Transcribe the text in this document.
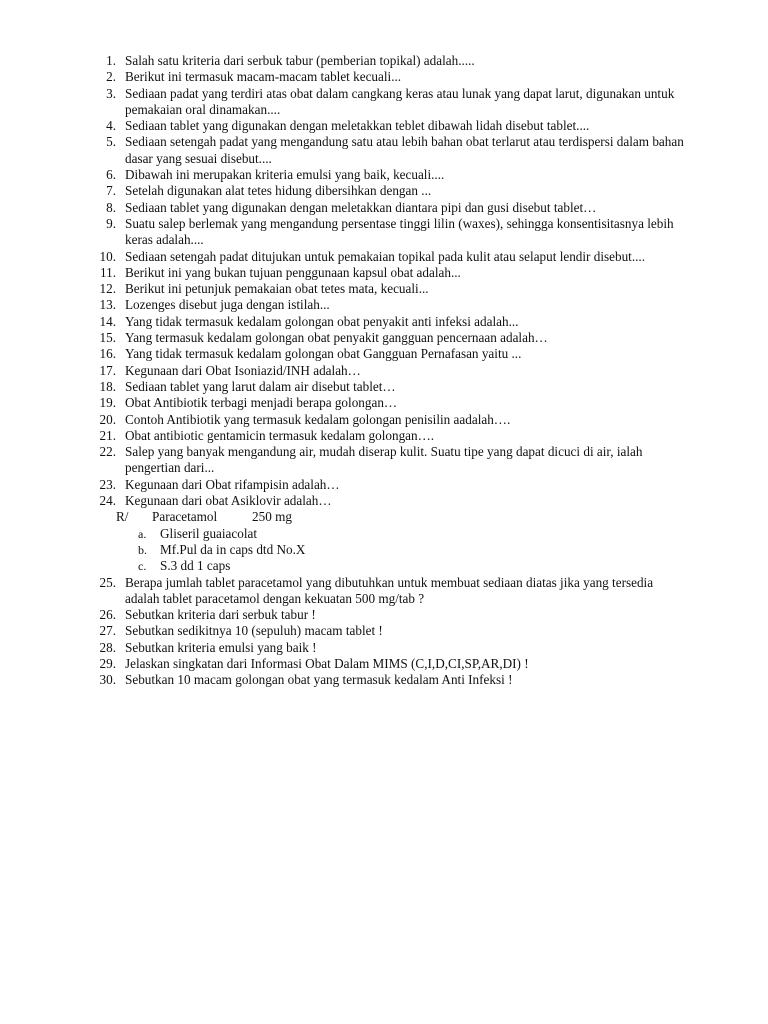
1. Salah satu kriteria dari serbuk tabur (pemberian topikal) adalah.....
2. Berikut ini termasuk macam-macam tablet kecuali...
3. Sediaan padat yang terdiri atas obat dalam cangkang keras atau lunak yang dapat larut, digunakan untuk pemakaian oral dinamakan....
4. Sediaan tablet yang digunakan dengan meletakkan teblet dibawah lidah disebut tablet....
5. Sediaan setengah padat yang mengandung satu atau lebih bahan obat terlarut atau terdispersi dalam bahan dasar yang sesuai disebut....
6. Dibawah ini merupakan kriteria emulsi yang baik, kecuali....
7. Setelah digunakan alat tetes hidung dibersihkan dengan ...
8. Sediaan tablet yang digunakan dengan meletakkan diantara pipi dan gusi disebut tablet…
9. Suatu salep berlemak yang mengandung persentase tinggi lilin (waxes), sehingga konsentisitasnya lebih keras adalah....
10. Sediaan setengah padat ditujukan untuk pemakaian topikal pada kulit atau selaput lendir disebut....
11. Berikut ini yang bukan tujuan penggunaan kapsul obat adalah...
12. Berikut ini petunjuk pemakaian obat tetes mata, kecuali...
13. Lozenges disebut juga dengan istilah...
14. Yang tidak termasuk kedalam golongan obat penyakit anti infeksi adalah...
15. Yang termasuk kedalam golongan obat penyakit gangguan pencernaan adalah…
16. Yang tidak termasuk kedalam golongan obat Gangguan Pernafasan yaitu ...
17. Kegunaan dari Obat Isoniazid/INH adalah…
18. Sediaan tablet yang larut dalam air disebut tablet…
19. Obat Antibiotik terbagi menjadi berapa golongan…
20. Contoh Antibiotik yang termasuk kedalam golongan penisilin aadalah….
21. Obat antibiotic gentamicin termasuk kedalam golongan….
22. Salep yang banyak mengandung air, mudah diserap kulit. Suatu tipe yang dapat dicuci di air, ialah pengertian dari...
23. Kegunaan dari Obat rifampisin adalah…
24. Kegunaan dari obat Asiklovir adalah…
R/	Paracetamol	250 mg
a.	Gliseril guaiacolat
b. Mf.Pul da in caps dtd No.X
c.	S.3 dd 1 caps
25. Berapa jumlah tablet paracetamol yang dibutuhkan untuk membuat sediaan diatas jika yang tersedia adalah tablet paracetamol dengan kekuatan 500 mg/tab ?
26. Sebutkan kriteria dari serbuk tabur !
27. Sebutkan sedikitnya 10 (sepuluh) macam tablet !
28. Sebutkan kriteria emulsi yang baik !
29. Jelaskan singkatan dari Informasi Obat Dalam MIMS (C,I,D,CI,SP,AR,DI) !
30. Sebutkan 10 macam golongan obat yang termasuk kedalam Anti Infeksi !
